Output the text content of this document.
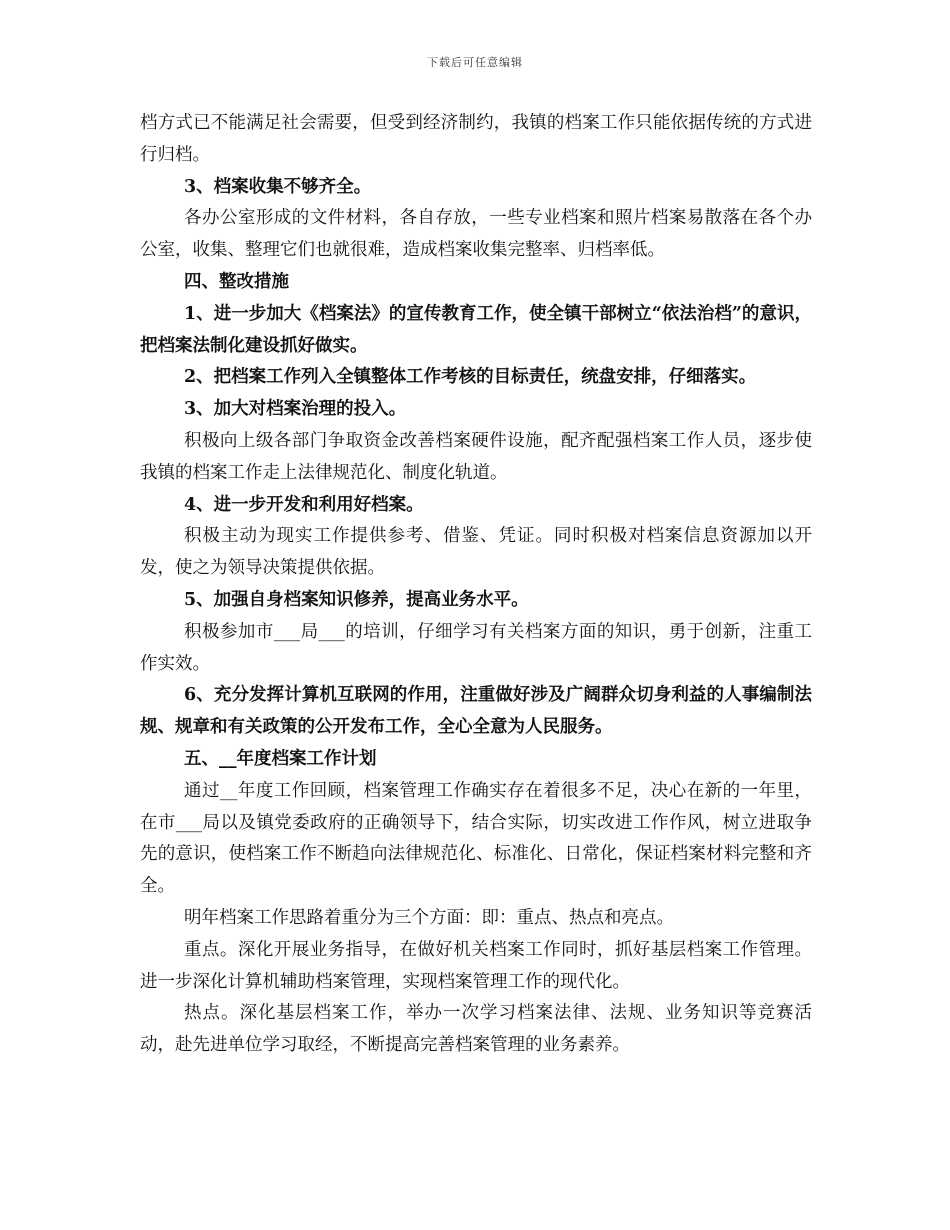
下载后可任意编辑

档方式已不能满足社会需要，但受到经济制约，我镇的档案工作只能依据传统的方式进行归档。

3、档案收集不够齐全。

各办公室形成的文件材料，各自存放，一些专业档案和照片档案易散落在各个办公室，收集、整理它们也就很难，造成档案收集完整率、归档率低。

四、整改措施

1、进一步加大《档案法》的宣传教育工作，使全镇干部树立“依法治档”的意识，把档案法制化建设抓好做实。

2、把档案工作列入全镇整体工作考核的目标责任，统盘安排，仔细落实。

3、加大对档案治理的投入。

积极向上级各部门争取资金改善档案硬件设施，配齐配强档案工作人员，逐步使我镇的档案工作走上法律规范化、制度化轨道。

4、进一步开发和利用好档案。

积极主动为现实工作提供参考、借鉴、凭证。同时积极对档案信息资源加以开发，使之为领导决策提供依据。

5、加强自身档案知识修养，提高业务水平。

积极参加市___局___的培训，仔细学习有关档案方面的知识，勇于创新，注重工作实效。

6、充分发挥计算机互联网的作用，注重做好涉及广阔群众切身利益的人事编制法规、规章和有关政策的公开发布工作，全心全意为人民服务。

五、__年度档案工作计划

通过__年度工作回顾，档案管理工作确实存在着很多不足，决心在新的一年里，在市___局以及镇党委政府的正确领导下，结合实际，切实改进工作作风，树立进取争先的意识，使档案工作不断趋向法律规范化、标准化、日常化，保证档案材料完整和齐全。

明年档案工作思路着重分为三个方面：即：重点、热点和亮点。

重点。深化开展业务指导，在做好机关档案工作同时，抓好基层档案工作管理。进一步深化计算机辅助档案管理，实现档案管理工作的现代化。

热点。深化基层档案工作，举办一次学习档案法律、法规、业务知识等竞赛活动，赴先进单位学习取经，不断提高完善档案管理的业务素养。
